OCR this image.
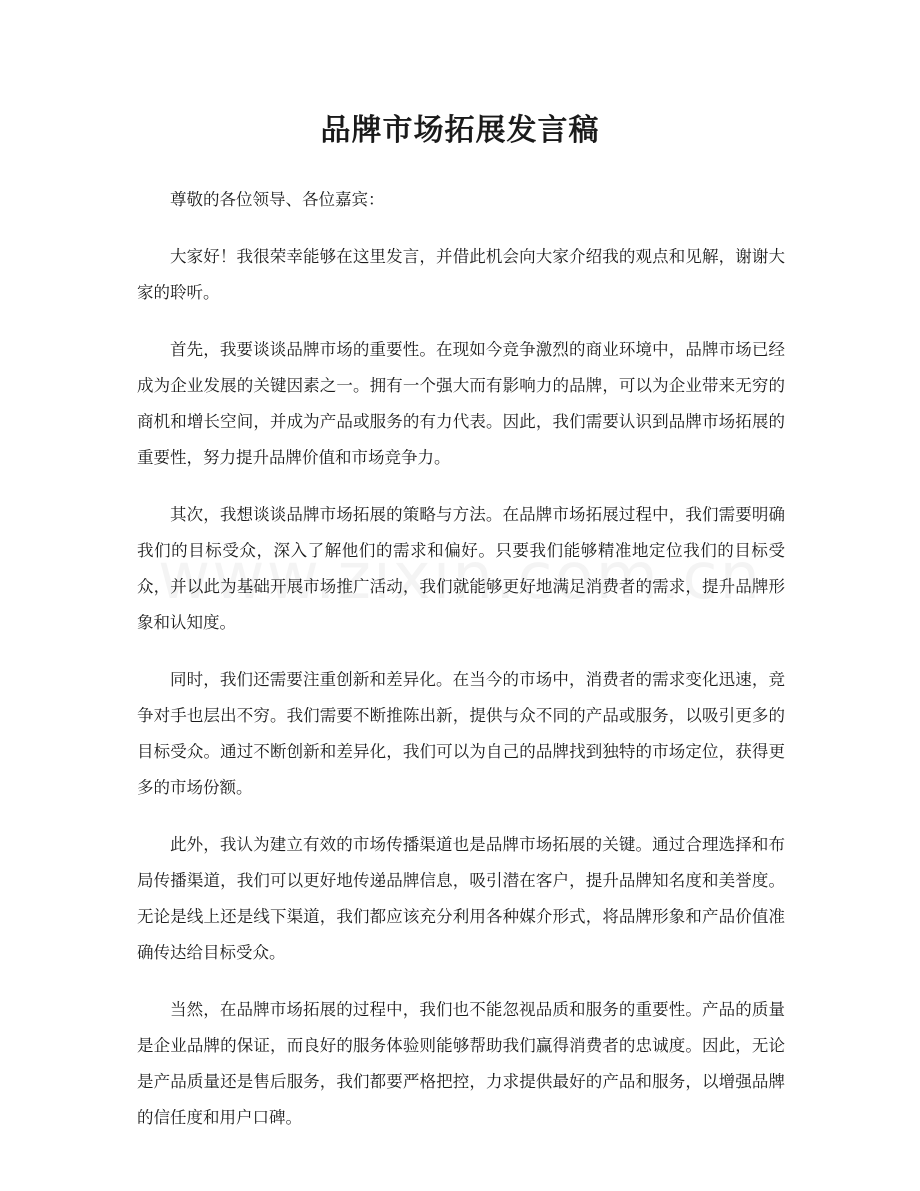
品牌市场拓展发言稿

尊敬的各位领导、各位嘉宾：

大家好！我很荣幸能够在这里发言，并借此机会向大家介绍我的观点和见解，谢谢大家的聆听。

首先，我要谈谈品牌市场的重要性。在现如今竞争激烈的商业环境中，品牌市场已经成为企业发展的关键因素之一。拥有一个强大而有影响力的品牌，可以为企业带来无穷的商机和增长空间，并成为产品或服务的有力代表。因此，我们需要认识到品牌市场拓展的重要性，努力提升品牌价值和市场竞争力。

其次，我想谈谈品牌市场拓展的策略与方法。在品牌市场拓展过程中，我们需要明确我们的目标受众，深入了解他们的需求和偏好。只要我们能够精准地定位我们的目标受众，并以此为基础开展市场推广活动，我们就能够更好地满足消费者的需求，提升品牌形象和认知度。

同时，我们还需要注重创新和差异化。在当今的市场中，消费者的需求变化迅速，竞争对手也层出不穷。我们需要不断推陈出新，提供与众不同的产品或服务，以吸引更多的目标受众。通过不断创新和差异化，我们可以为自己的品牌找到独特的市场定位，获得更多的市场份额。

此外，我认为建立有效的市场传播渠道也是品牌市场拓展的关键。通过合理选择和布局传播渠道，我们可以更好地传递品牌信息，吸引潜在客户，提升品牌知名度和美誉度。无论是线上还是线下渠道，我们都应该充分利用各种媒介形式，将品牌形象和产品价值准确传达给目标受众。

当然，在品牌市场拓展的过程中，我们也不能忽视品质和服务的重要性。产品的质量是企业品牌的保证，而良好的服务体验则能够帮助我们赢得消费者的忠诚度。因此，无论是产品质量还是售后服务，我们都要严格把控，力求提供最好的产品和服务，以增强品牌的信任度和用户口碑。
